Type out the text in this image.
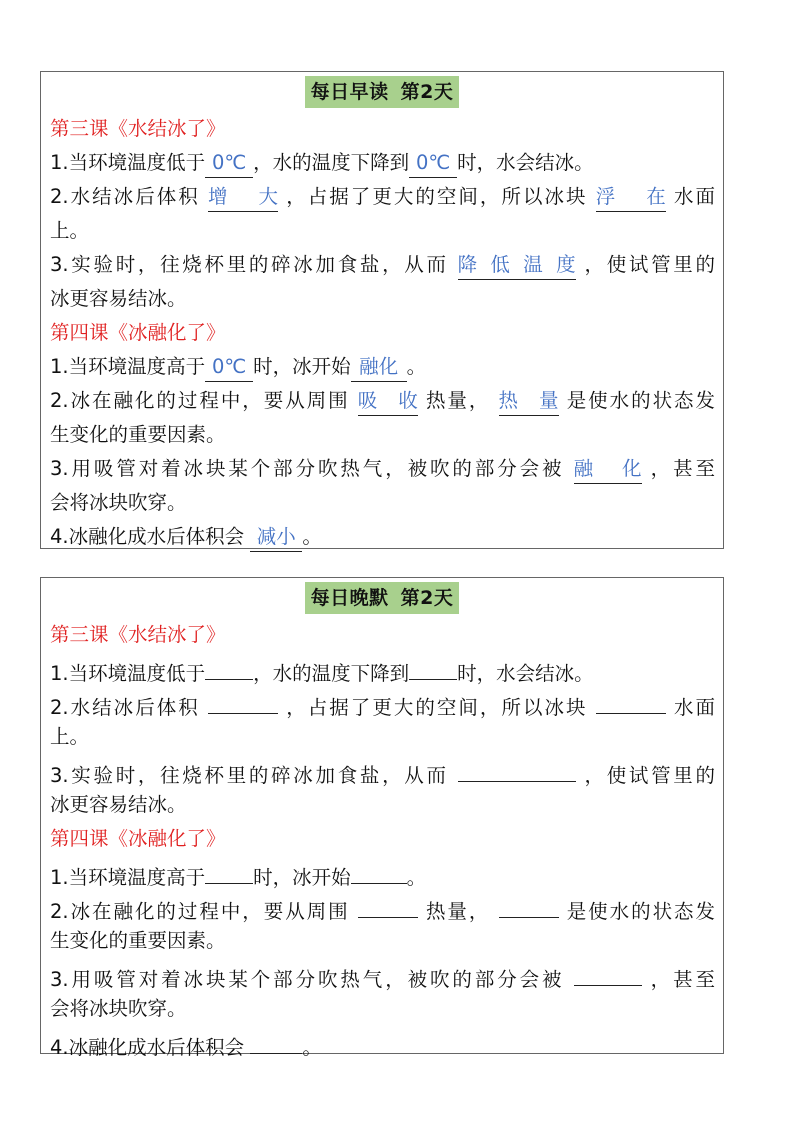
每日早读 第2天
第三课《水结冰了》
1.当环境温度低于 0℃ ，水的温度下降到 0℃ 时，水会结冰。
2.水结冰后体积 增大 ，占据了更大的空间，所以冰块 浮在 水面
上。
3.实验时，往烧杯里的碎冰加食盐，从而 降低温度 ，使试管里的
冰更容易结冰。
第四课《冰融化了》
1.当环境温度高于 0℃ 时，冰开始 融化 。
2.冰在融化的过程中，要从周围 吸收 热量， 热量 是使水的状态发
生变化的重要因素。
3.用吸管对着冰块某个部分吹热气，被吹的部分会被 融化 ，甚至
会将冰块吹穿。
4.冰融化成水后体积会 减小 。
每日晚默 第2天
第三课《水结冰了》
1.当环境温度低于 ，水的温度下降到 时，水会结冰。
2.水结冰后体积	，占据了更大的空间，所以冰块	水面
上。
3.实验时，往烧杯里的碎冰加食盐，从而	，使试管里的
冰更容易结冰。
第四课《冰融化了》
1.当环境温度高于 时，冰开始	。
2.冰在融化的过程中，要从周围	热量，	是使水的状态发
生变化的重要因素。
3.用吸管对着冰块某个部分吹热气，被吹的部分会被	，甚至
会将冰块吹穿。
4.冰融化成水后体积会	。
